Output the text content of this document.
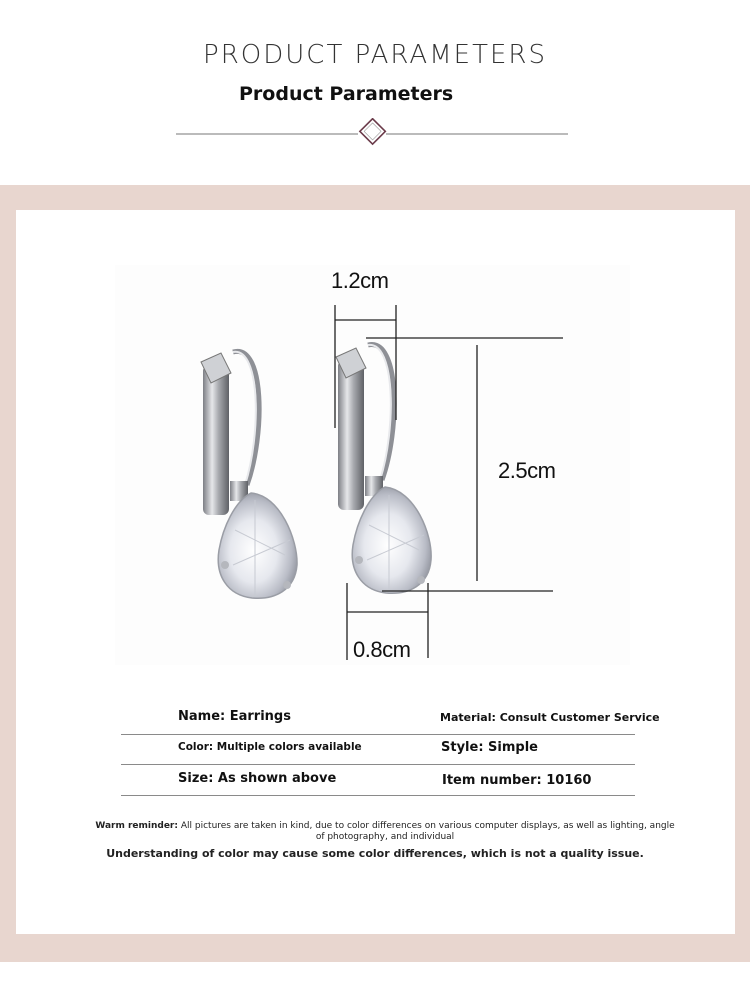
PRODUCT PARAMETERS
Product Parameters
1.2cm
2.5cm
0.8cm
Name: Earrings	Material: Consult Customer Service
Color: Multiple colors available	Style: Simple
Size: As shown above	Item number: 10160
Warm reminder: All pictures are taken in kind, due to color differences on various computer displays, as well as lighting, angle of photography, and individual
Understanding of color may cause some color differences, which is not a quality issue.
